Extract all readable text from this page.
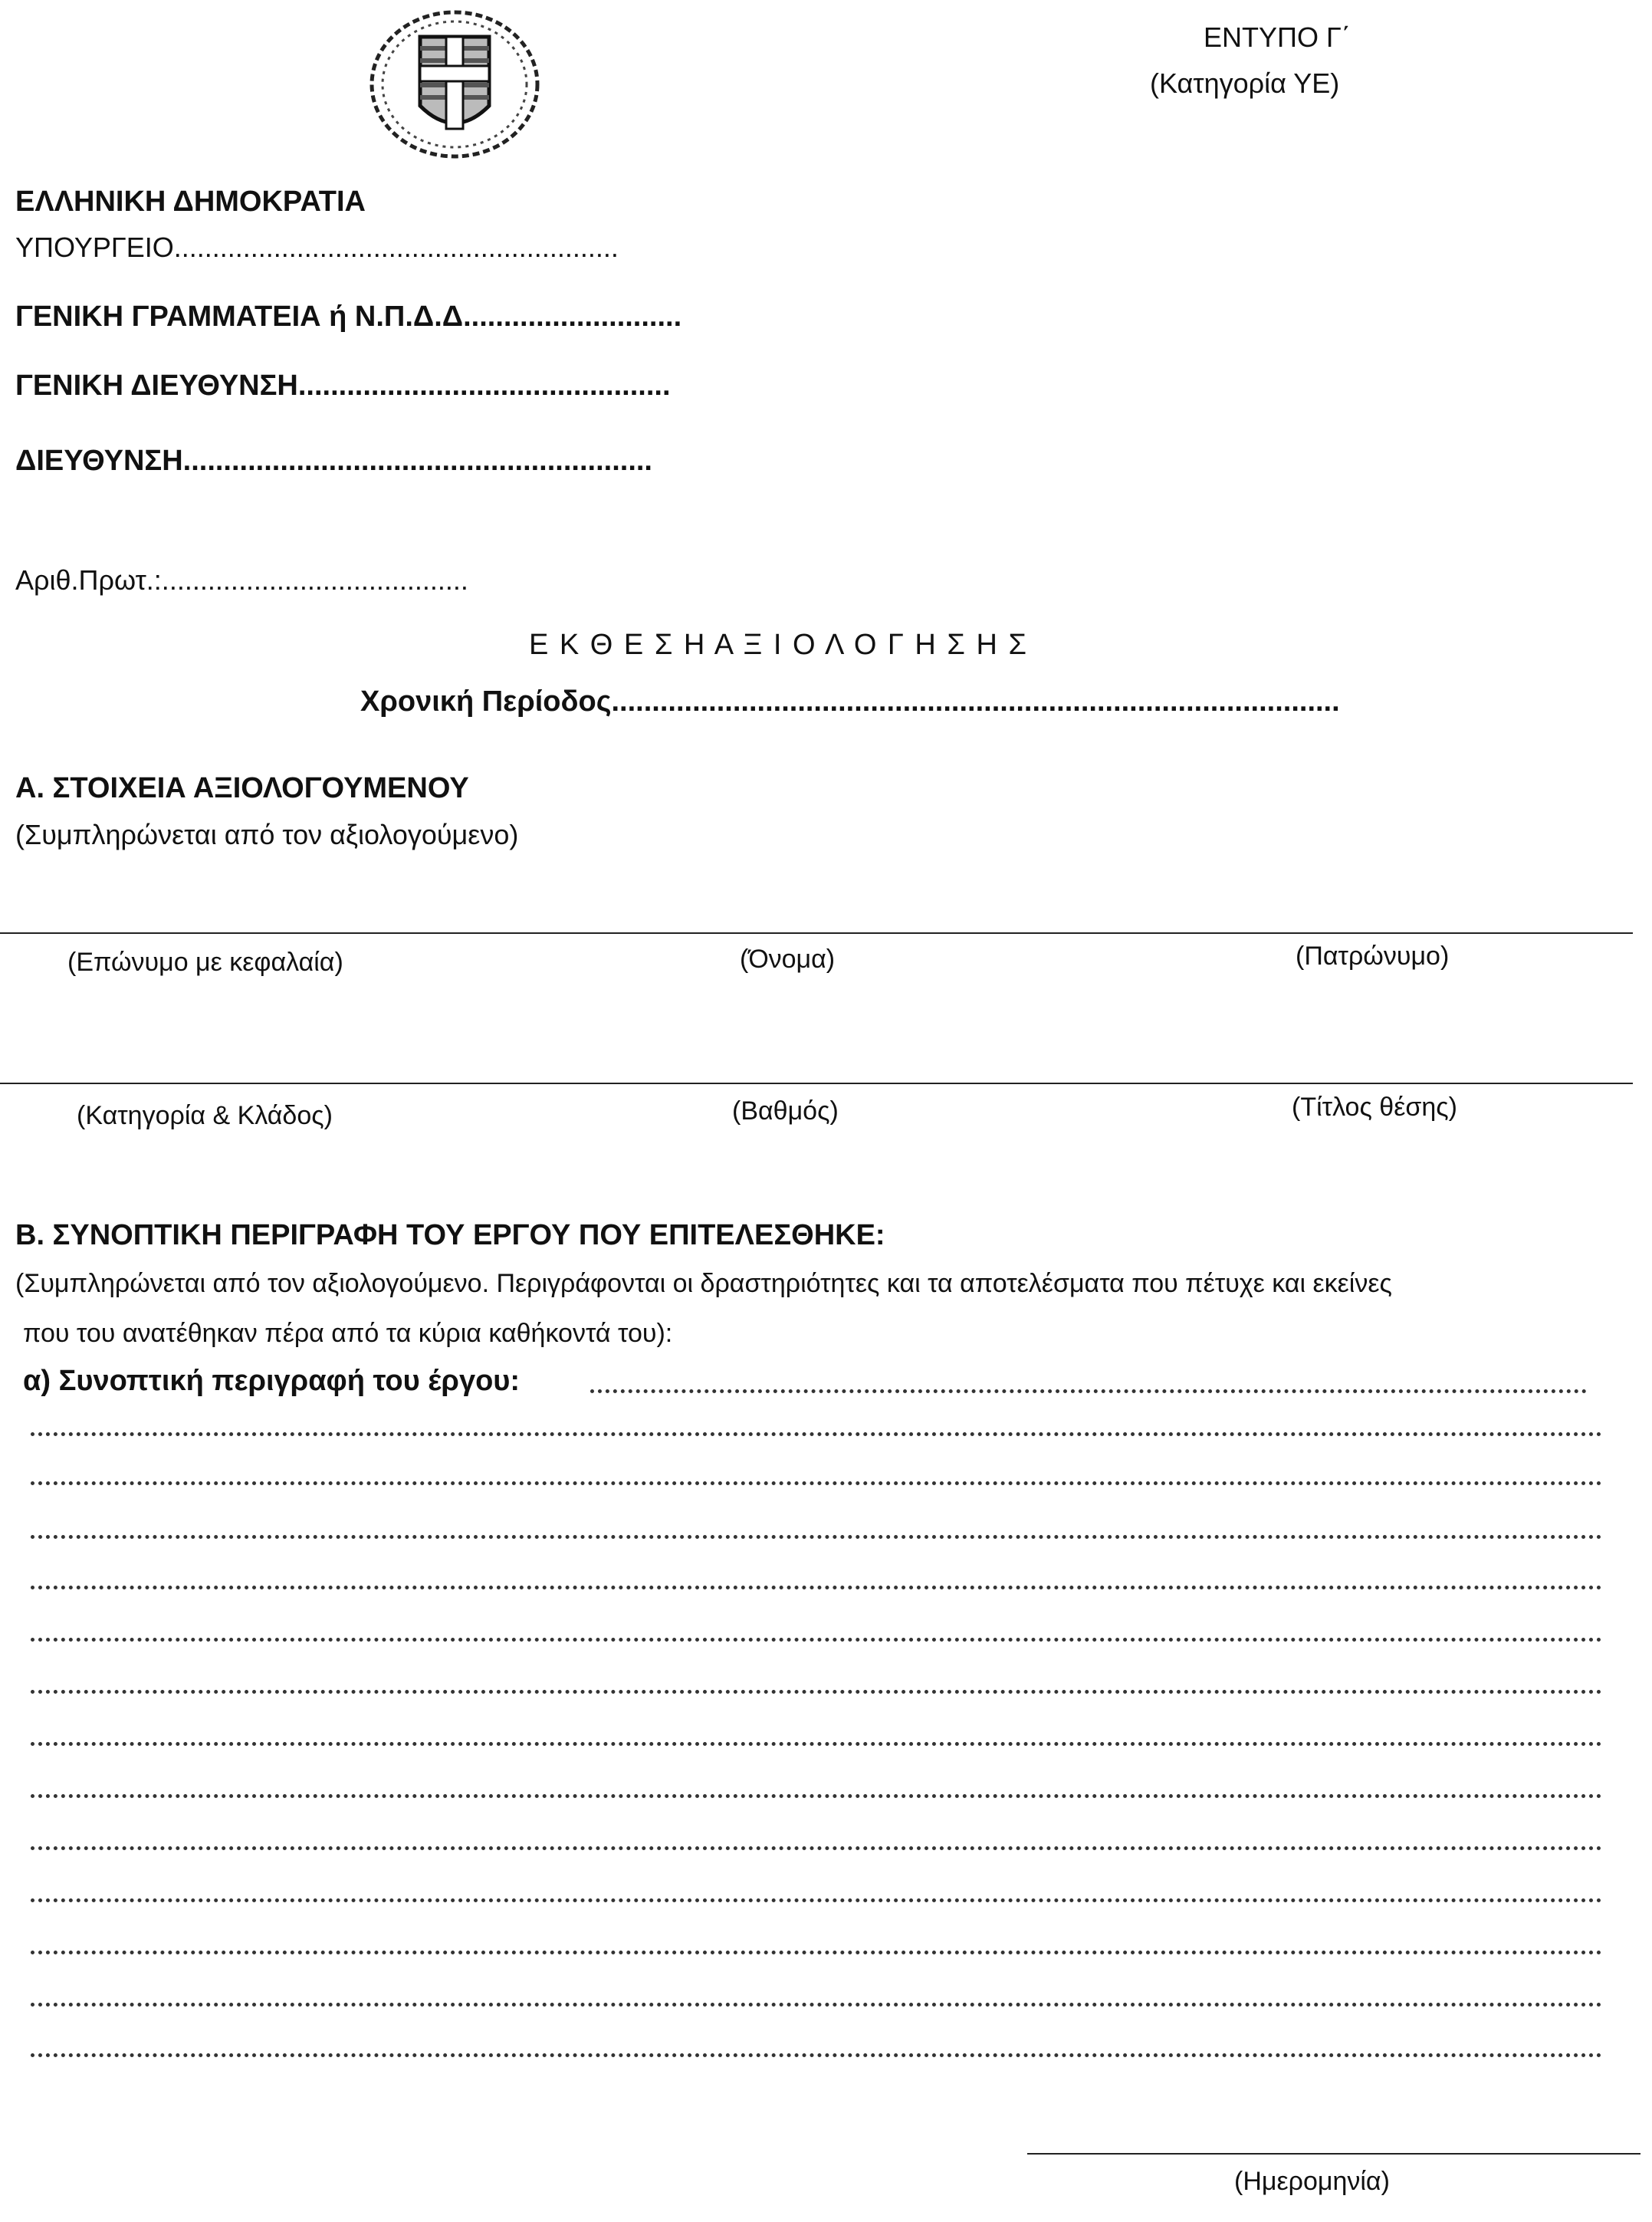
ΕΝΤΥΠΟ Γ΄
(Κατηγορία ΥΕ)
ΕΛΛΗΝΙΚΗ ΔΗΜΟΚΡΑΤΙΑ
ΥΠΟΥΡΓΕΙΟ..........................................................
ΓΕΝΙΚΗ ΓΡΑΜΜΑΤΕΙΑ ή Ν.Π.Δ.Δ...........................
ΓΕΝΙΚΗ ΔΙΕΥΘΥΝΣΗ..............................................
ΔΙΕΥΘΥΝΣΗ..........................................................
Αριθ.Πρωτ.:........................................
Ε Κ Θ Ε Σ Η Α Ξ Ι Ο Λ Ο Γ Η Σ Η Σ
Χρονική Περίοδος..........................................................................................
Α. ΣΤΟΙΧΕΙΑ ΑΞΙΟΛΟΓΟΥΜΕΝΟΥ
(Συμπληρώνεται από τον αξιολογούμενο)
(Επώνυμο με κεφαλαία)	(Όνομα)	(Πατρώνυμο)
(Κατηγορία & Κλάδος)	(Βαθμός)	(Τίτλος θέσης)
Β. ΣΥΝΟΠΤΙΚΗ ΠΕΡΙΓΡΑΦΗ ΤΟΥ ΕΡΓΟΥ ΠΟΥ ΕΠΙΤΕΛΕΣΘΗΚΕ:
(Συμπληρώνεται από τον αξιολογούμενο. Περιγράφονται οι δραστηριότητες και τα αποτελέσματα που πέτυχε και εκείνες
που του ανατέθηκαν πέρα από τα κύρια καθήκοντά του):
α) Συνοπτική περιγραφή του έργου:
(Ημερομηνία)
